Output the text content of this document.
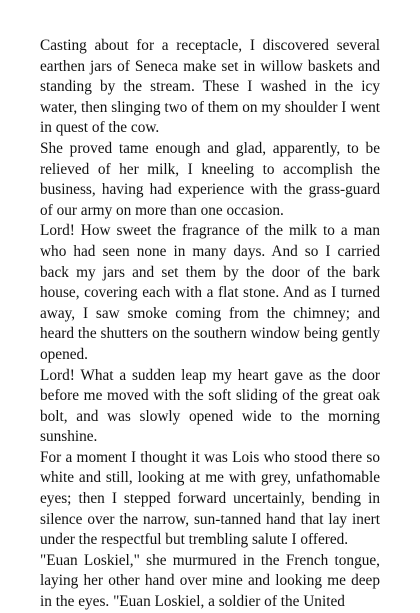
Casting about for a receptacle, I discovered several earthen jars of Seneca make set in willow baskets and standing by the stream. These I washed in the icy water, then slinging two of them on my shoulder I went in quest of the cow.

She proved tame enough and glad, apparently, to be relieved of her milk, I kneeling to accomplish the business, having had experience with the grass-guard of our army on more than one occasion.

Lord! How sweet the fragrance of the milk to a man who had seen none in many days. And so I carried back my jars and set them by the door of the bark house, covering each with a flat stone. And as I turned away, I saw smoke coming from the chimney; and heard the shutters on the southern window being gently opened.

Lord! What a sudden leap my heart gave as the door before me moved with the soft sliding of the great oak bolt, and was slowly opened wide to the morning sunshine.

For a moment I thought it was Lois who stood there so white and still, looking at me with grey, unfathomable eyes; then I stepped forward uncertainly, bending in silence over the narrow, sun-tanned hand that lay inert under the respectful but trembling salute I offered.

"Euan Loskiel," she murmured in the French tongue, laying her other hand over mine and looking me deep in the eyes. "Euan Loskiel, a soldier of the United
